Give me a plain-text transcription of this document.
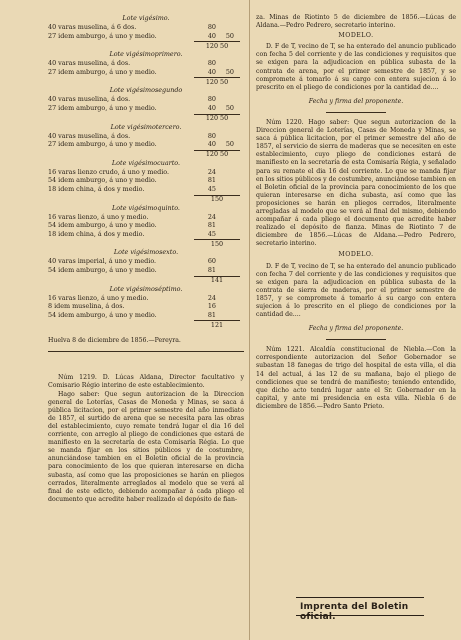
Lote vigésimo.
40 varas muselina, á 6 dos.	80
27 idem amburgo, á uno y medio.	40	50
120 50
Lote vigésimoprimero.
40 varas muselina, á dos.	80
27 idem amburgo, á uno y medio.	40	50
120 50
Lote vigésimosegundo
40 varas muselina, á dos.	80
27 idem amburgo, á uno y medio.	40	50
120 50
Lote vigésimotercero.
40 varas muselina, á dos.	80
27 idem amburgo, á uno y medio.	40	50
120 50
Lote vigésimocuarto.
16 varas lienzo crudo, á uno y medio.	24
54 idem amburgo, á uno y medio.	81
18 idem china, á dos y medio.	45
150
Lote vigésimoquinto.
16 varas lienzo, á uno y medio.	24
54 idem amburgo, á uno y medio.	81
18 idem china, á dos y medio.	45
150
Lote vigésimosexto.
40 varas imperial, á uno y medio.	60
54 idem amburgo, á uno y medio.	81
141
Lote vigésimoséptimo.
16 varas lienzo, á uno y medio.	24
8 idem muselina, á dos.	16
54 idem amburgo, á uno y medio.	81
121
Huelva 8 de diciembre de 1856.—Pereyra.

Núm 1219. D. Lúcas Aldana, Director facultativo y Comisario Régio interino de este establecimiento.

Hago saber: Que segun autorizacion de la Direccion general de Loterías, Casas de Moneda y Minas, se saca á pública licitacion, por el primer semestre del año inmediato de 1857, el surtido de arena que se necesita para las obras del establecimiento, cuyo remate tendrá lugar el dia 16 del corriente, con arreglo al pliego de condiciones que estará de manifiesto en la secretaría de esta Comisaría Régia. Lo que se manda fijar en los sitios públicos y de costumbre, anunciándose tambien en el Boletin oficial de la provincia para conocimiento de los que quieran interesarse en dicha subasta, así como que las proposiciones se harán en pliegos cerrados, literalmente arreglados al modelo que se verá al final de este edicto, debiendo acompañar á cada pliego el documento que acredite haber realizado el depósito de fian-

za. Minas de Riotinto 5 de diciembre de 1856.—Lúcas de Aldana.—Pedro Pedrero, secretario interino.

MODELO.

D. F de T, vecino de T, se ha enterado del anuncio publicado con fecha 5 del corriente y de las condiciones y requisitos que se exigen para la adjudicacion en pública subasta de la contrata de arena, por el primer semestre de 1857, y se compromete á tomarlo á su cargo con entera sujecion á lo prescrito en el pliego de condiciones por la cantidad de....

Fecha y firma del proponente.

Núm 1220. Hago saber: Que segun autorizacion de la Direccion general de Loterías, Casas de Moneda y Minas, se saca á pública licitacion, por el primer semestre del año de 1857, el servicio de sierra de maderas que se necesiten en este establecimiento, cuyo pliego de condiciones estará de manifiesto en la secretaría de esta Comisaría Régia, y señalado para su remate el dia 16 del corriente. Lo que se manda fijar en los sitios públicos y de costumbre, anunciándose tambien en el Boletin oficial de la provincia para conocimiento de los que quieran interesarse en dicha subasta, así como que las proposiciones se harán en pliegos cerrados, literalmente arregladas al modelo que se verá al final del mismo, debiendo acompañar á cada pliego el documento que acredite haber realizado el depósito de fianza. Minas de Riotinto 7 de diciembre de 1856.—Lúcas de Aldana.—Pedro Pedrero, secretario interino.

MODELO.

D. F de T, vecino de T, se ha enterado del anuncio publicado con fecha 7 del corriente y de las condiciones y requisitos que se exigen para la adjudicacion en pública subasta de la contrata de sierra de maderas, por el primer semestre de 1857, y se compromete á tomarlo á su cargo con entera sujecion á lo prescrito en el pliego de condiciones por la cantidad de....

Fecha y firma del proponente.

Núm 1221. Alcaldía constitucional de Niebla.—Con la correspondiente autorizacion del Señor Gobernador se subastan 18 fanegas de trigo del hospital de esta villa, el dia 14 del actual, á las 12 de su mañana, bajo el pliego de condiciones que se tendrá de manifiesto; teniendo entendido, que dicho acto tendrá lugar ante el Sr. Gobernador en la capital, y ante mi presidencia en esta villa. Niebla 6 de diciembre de 1856.—Pedro Santo Prieto.

Imprenta del Boletin oficial.
